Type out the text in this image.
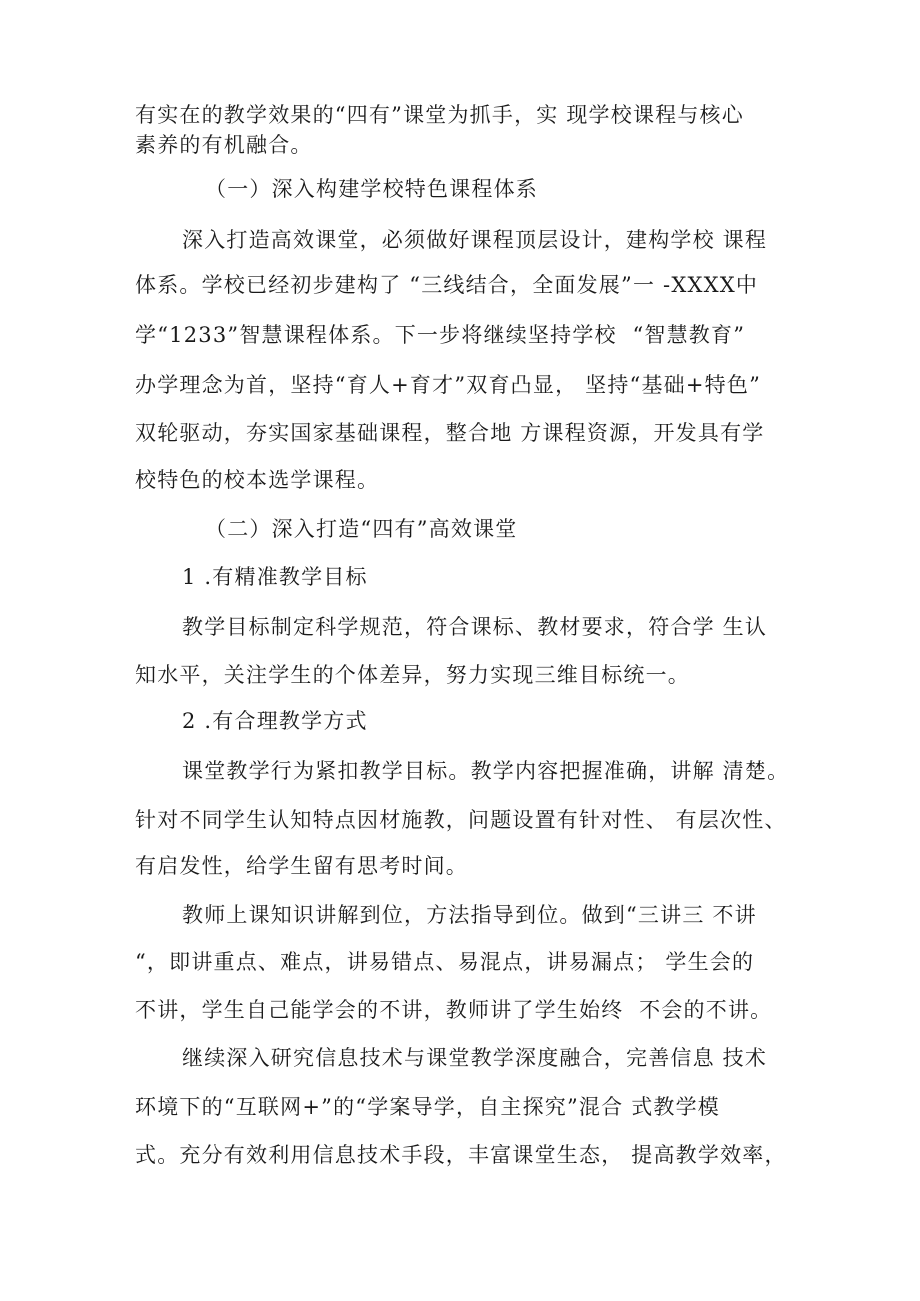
有实在的教学效果的“四有”课堂为抓手，实 现学校课程与核心
素养的有机融合。
（一）深入构建学校特色课程体系
深入打造高效课堂，必须做好课程顶层设计，建构学校 课程
体系。学校已经初步建构了 “三线结合，全面发展”一 -XXXX中
学“1233”智慧课程体系。下一步将继续坚持学校  “智慧教育”
办学理念为首，坚持“育人+育才”双育凸显， 坚持“基础+特色”
双轮驱动，夯实国家基础课程，整合地 方课程资源，开发具有学
校特色的校本选学课程。
（二）深入打造“四有”高效课堂
1 .有精准教学目标
教学目标制定科学规范，符合课标、教材要求，符合学 生认
知水平，关注学生的个体差异，努力实现三维目标统一。
2 .有合理教学方式
课堂教学行为紧扣教学目标。教学内容把握准确，讲解 清楚。
针对不同学生认知特点因材施教，问题设置有针对性、 有层次性、
有启发性，给学生留有思考时间。
教师上课知识讲解到位，方法指导到位。做到“三讲三 不讲
“，即讲重点、难点，讲易错点、易混点，讲易漏点； 学生会的
不讲，学生自己能学会的不讲，教师讲了学生始终  不会的不讲。
继续深入研究信息技术与课堂教学深度融合，完善信息 技术
环境下的“互联网+”的“学案导学，自主探究”混合 式教学模
式。充分有效利用信息技术手段，丰富课堂生态， 提高教学效率，
